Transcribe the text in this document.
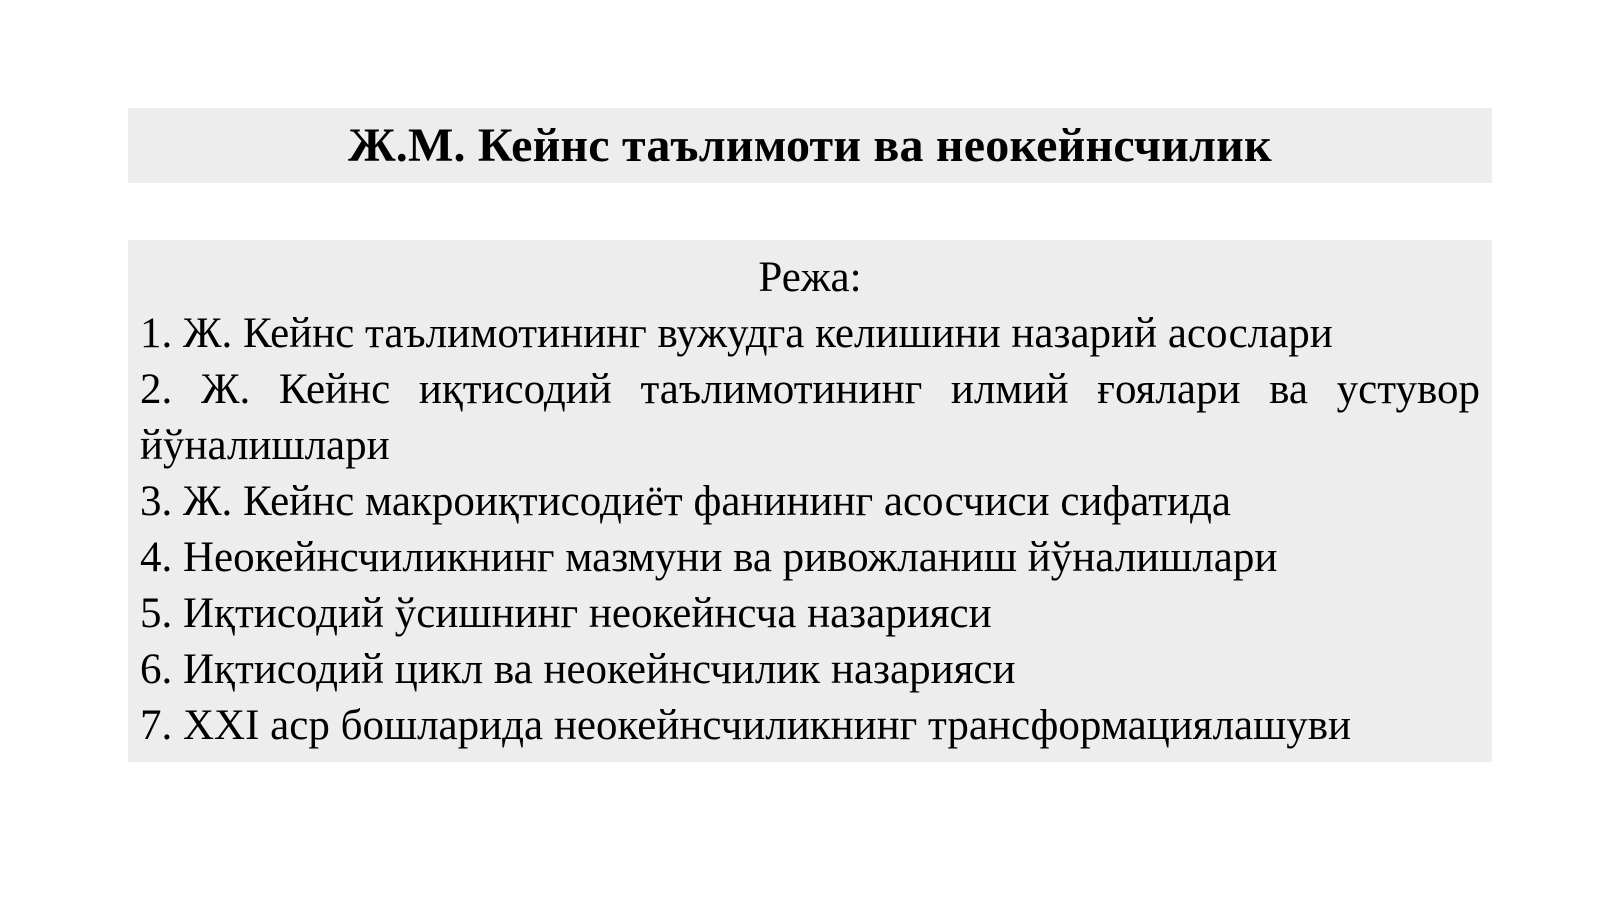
Ж.М. Кейнс таълимоти ва неокейнсчилик
Режа:
1. Ж. Кейнс таълимотининг вужудга келишини назарий асослари
2. Ж. Кейнс иқтисодий таълимотининг илмий ғоялари ва устувор йўналишлари
3. Ж. Кейнс макроиқтисодиёт фанининг асосчиси сифатида
4. Неокейнсчиликнинг мазмуни ва ривожланиш йўналишлари
5. Иқтисодий ўсишнинг неокейнсча назарияси
6. Иқтисодий цикл ва неокейнсчилик назарияси
7. XXI аср бошларида неокейнсчиликнинг трансформациялашуви
